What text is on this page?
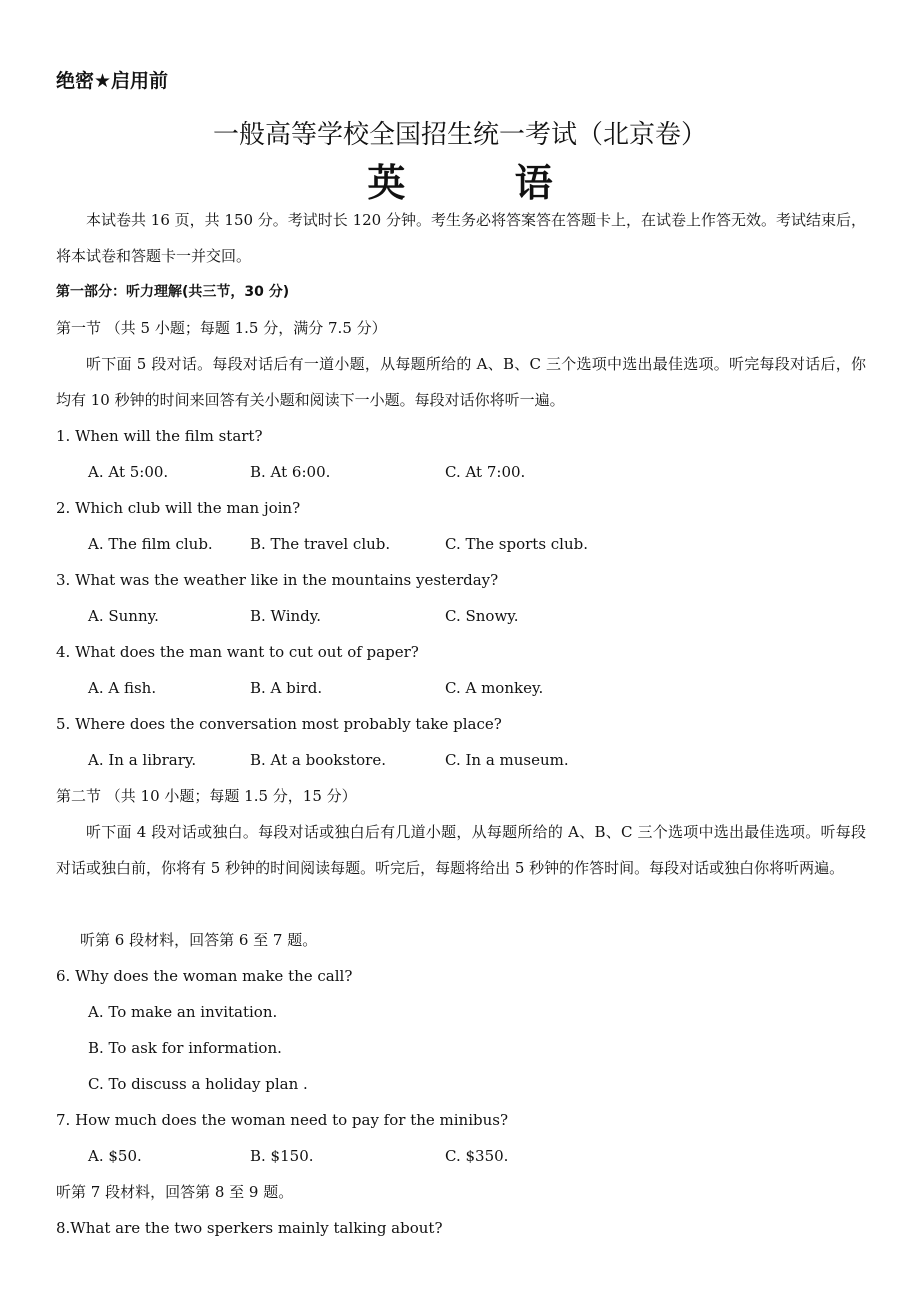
绝密★启用前
一般高等学校全国招生统一考试（北京卷）
英 语
本试卷共 16 页，共 150 分。考试时长 120 分钟。考生务必将答案答在答题卡上，在试卷上作答无效。考试结束后，将本试卷和答题卡一并交回。
第一部分：听力理解(共三节，30 分)
第一节 （共 5 小题；每题 1.5 分，满分 7.5 分）
听下面 5 段对话。每段对话后有一道小题，从每题所给的 A、B、C 三个选项中选出最佳选项。听完每段对话后，你均有 10 秒钟的时间来回答有关小题和阅读下一小题。每段对话你将听一遍。
1. When will the film start?
A. At 5:00.	B. At 6:00.	C. At 7:00.
2. Which club will the man join?
A. The film club. B. The travel club.	C. The sports club.
3. What was the weather like in the mountains yesterday?
A. Sunny.	B. Windy.	C. Snowy.
4. What does the man want to cut out of paper?
A. A fish.	B. A bird.	C. A monkey.
5. Where does the conversation most probably take place?
A. In a library.	B. At a bookstore.	C. In a museum.
第二节 （共 10 小题；每题 1.5 分，15 分）
听下面 4 段对话或独白。每段对话或独白后有几道小题，从每题所给的 A、B、C 三个选项中选出最佳选项。听每段对话或独白前，你将有 5 秒钟的时间阅读每题。听完后，每题将给出 5 秒钟的作答时间。每段对话或独白你将听两遍。
听第 6 段材料，回答第 6 至 7 题。
6. Why does the woman make the call?
A. To make an invitation.
B. To ask for information.
C. To discuss a holiday plan .
7. How much does the woman need to pay for the minibus?
A. $50.	B. $150.	C. $350.
听第 7 段材料，回答第 8 至 9 题。
8.What are the two sperkers mainly talking about?
